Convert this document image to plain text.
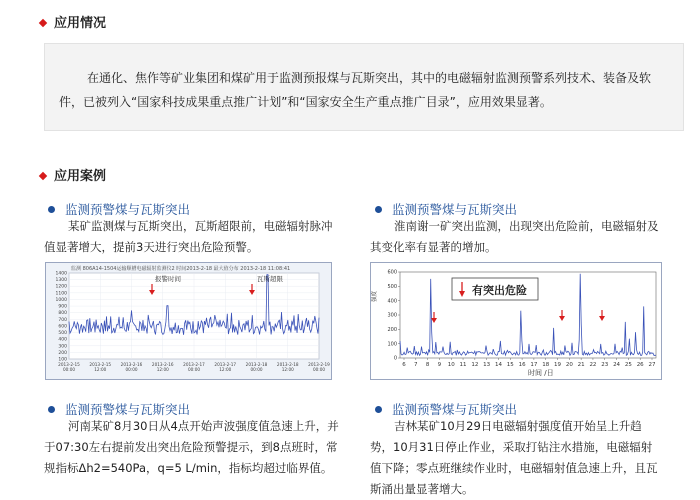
应用情况
在通化、焦作等矿业集团和煤矿用于监测预报煤与瓦斯突出，其中的电磁辐射监测预警系列技术、装备及软件，已被列入“国家科技成果重点推广计划”和“国家安全生产重点推广目录”，应用效果显著。
应用案例
监测预警煤与瓦斯突出
某矿监测煤与瓦斯突出，瓦斯超限前，电磁辐射脉冲值显著增大，提前3天进行突出危险预警。
监测预警煤与瓦斯突出
淮南谢一矿突出监测，出现突出危险前，电磁辐射及其变化率有显著的增加。
监测 806A14-1504运输顺槽电磁辐射监测仪2 时间2013-2-18 最大值分布 2013-2-18 11:08:41
1400
1300
1200
1100
1000
900
800
700
600
500
400
300
200
100
2013-2-15 00:00
2013-2-15 12:00
2013-2-16 00:00
2013-2-16 12:00
2013-2-17 00:00
2013-2-17 12:00
2013-2-18 00:00
2013-2-18 12:00
2013-2-19 00:00
报警时间	瓦斯超限
强度
600
500
400
300
200
100
0
6 7 8 9 10 11 12 13 14 15 16 17 18 19 20 21 22 23 24 25 26 27
有突出危险
时间 /日
监测预警煤与瓦斯突出
河南某矿8月30日从4点开始声波强度值急速上升，并于07:30左右提前发出突出危险预警提示，到8点班时，常规指标Δh2=540Pa，q=5 L/min，指标均超过临界值。
监测预警煤与瓦斯突出
吉林某矿10月29日电磁辐射强度值开始呈上升趋势，10月31日停止作业，采取打钻注水措施，电磁辐射值下降；零点班继续作业时，电磁辐射值急速上升，且瓦斯涌出量显著增大。
